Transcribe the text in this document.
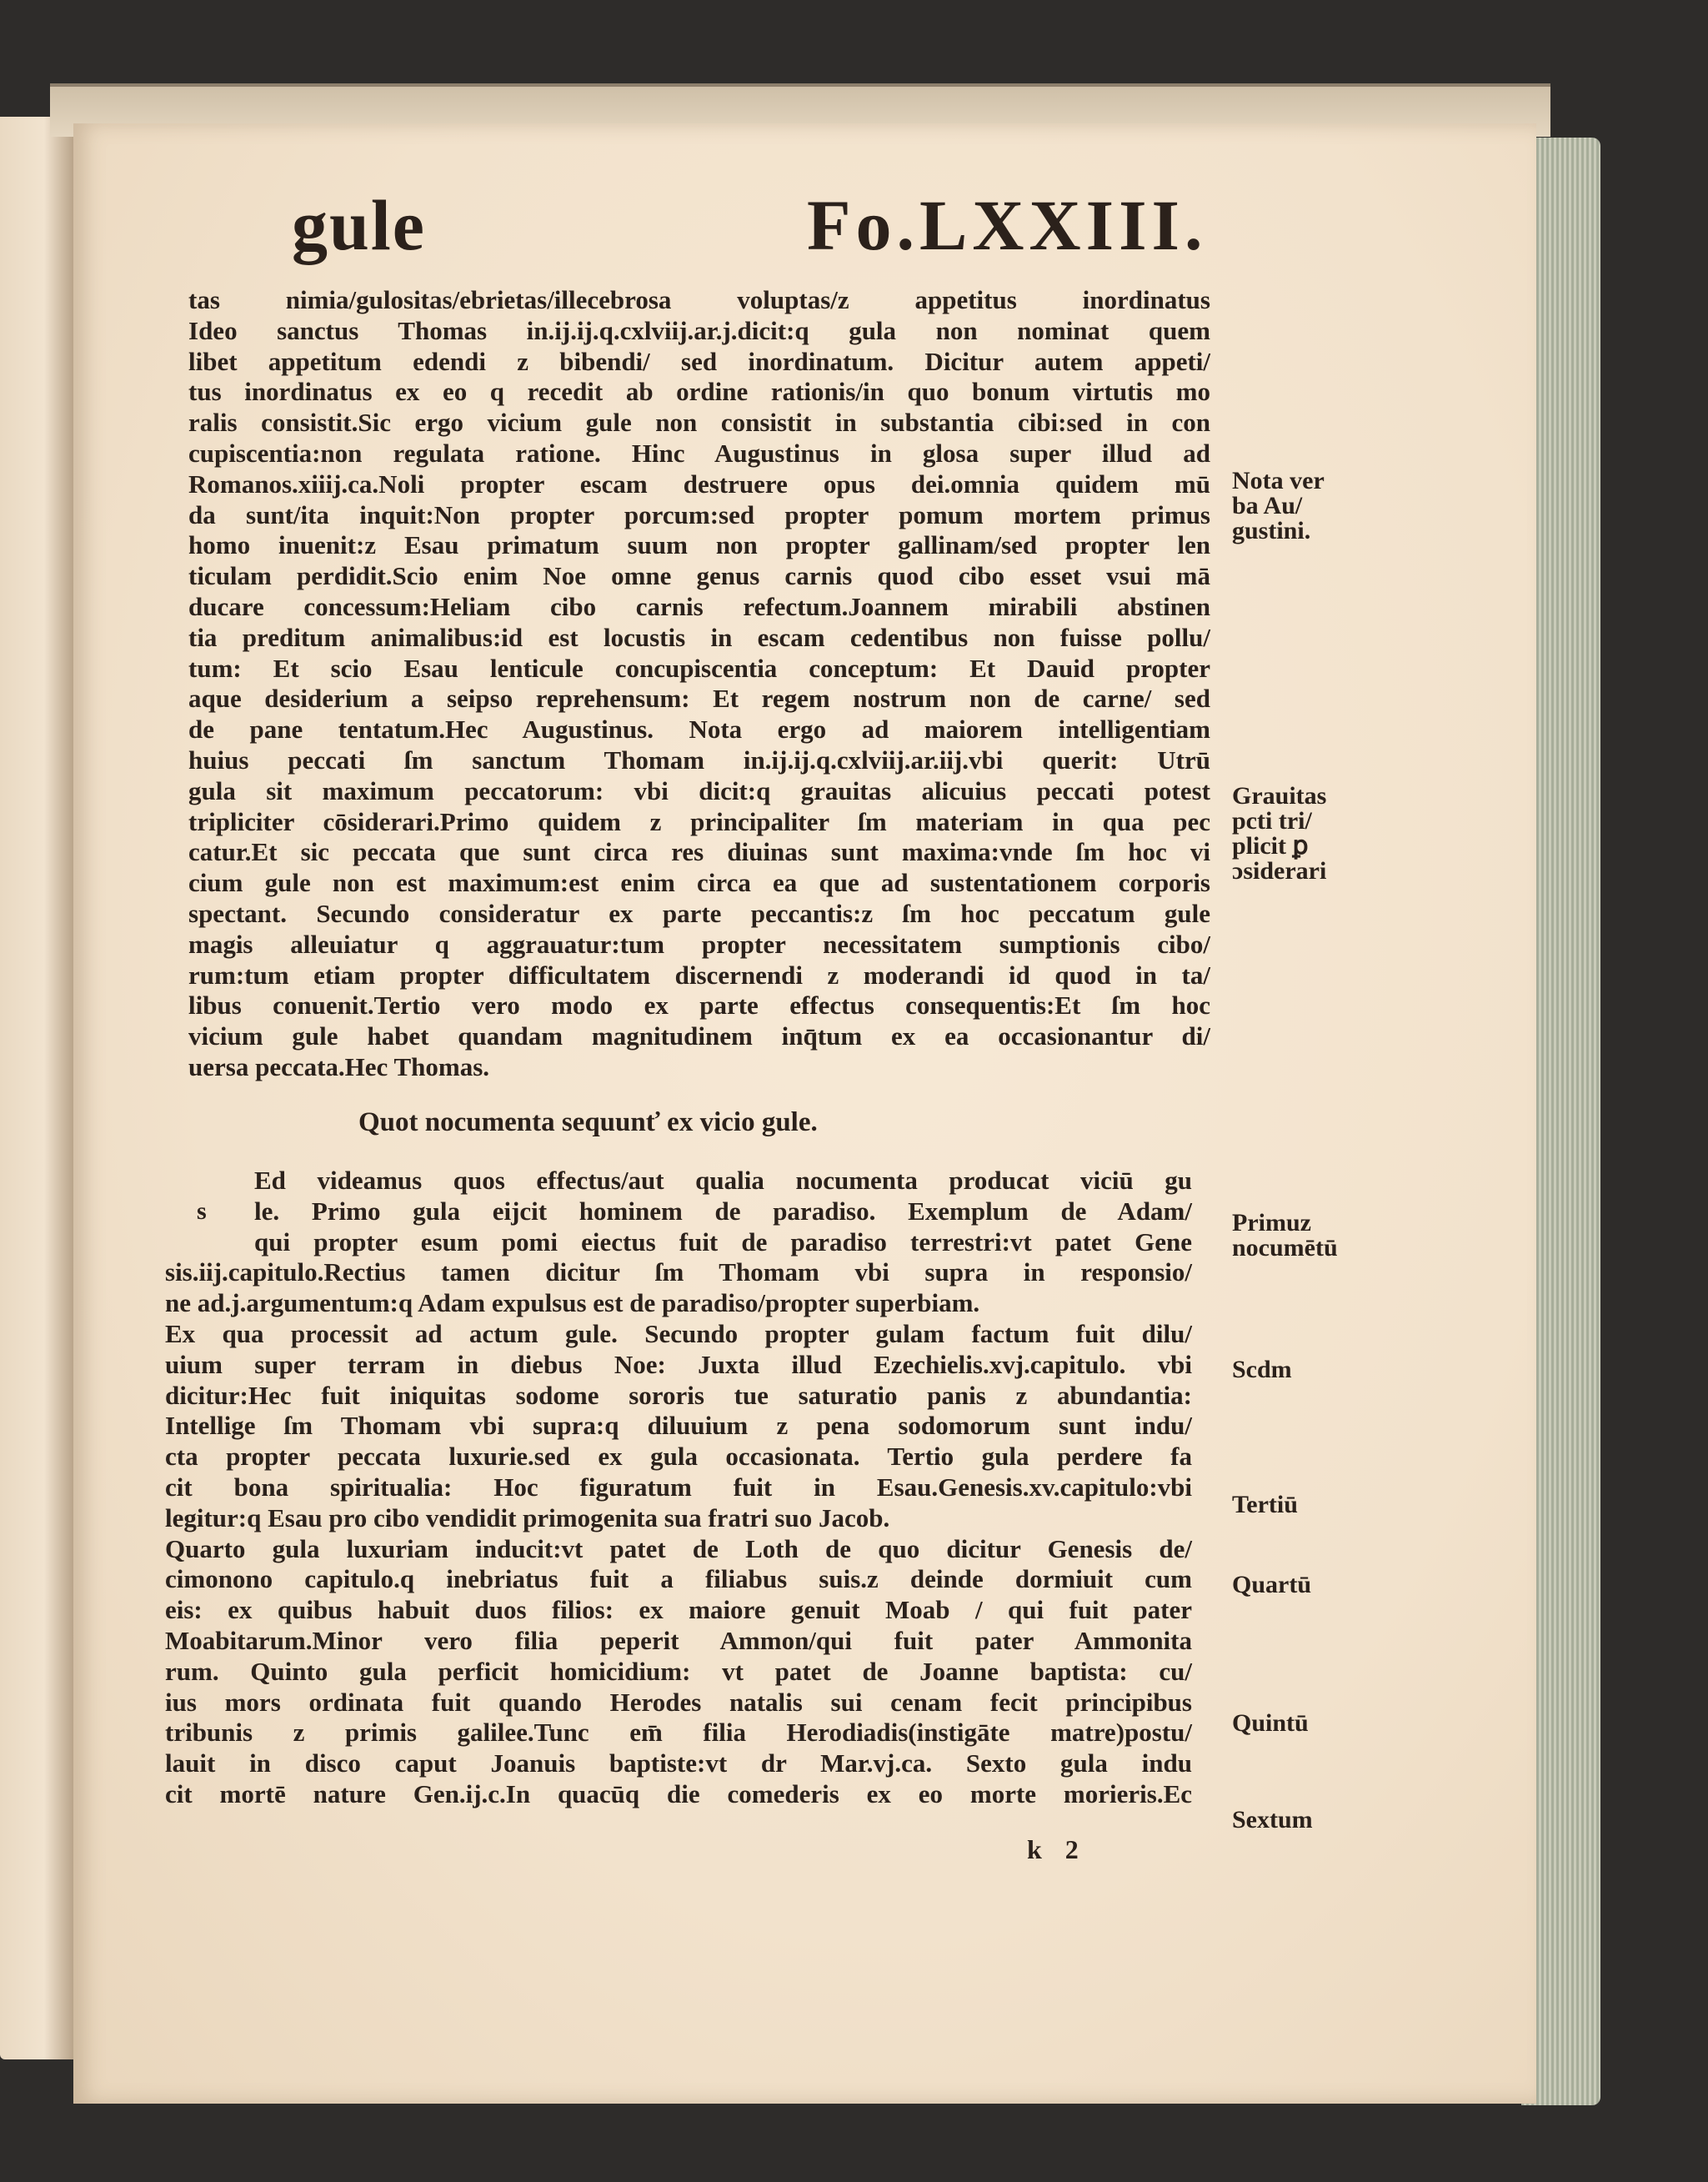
gule	Fo.LXXIII.
tas nimia/gulositas/ebrietas/illecebrosa voluptas/z appetitus inordinatus
Ideo sanctus Thomas in.ij.ij.q.cxlviij.ar.j.dicit:q gula non nominat quem
libet appetitum edendi z bibendi/ sed inordinatum. Dicitur autem appeti/
tus inordinatus ex eo q recedit ab ordine rationis/in quo bonum virtutis mo
ralis consistit.Sic ergo vicium gule non consistit in substantia cibi:sed in con
cupiscentia:non regulata ratione. Hinc Augustinus in glosa super illud ad
Romanos.xiiij.ca.Noli propter escam destruere opus dei.omnia quidem mū
da sunt/ita inquit:Non propter porcum:sed propter pomum mortem primus
homo inuenit:z Esau primatum suum non propter gallinam/sed propter len
ticulam perdidit.Scio enim Noe omne genus carnis quod cibo esset vsui mā
ducare concessum:Heliam cibo carnis refectum.Joannem mirabili abstinen
tia preditum animalibus:id est locustis in escam cedentibus non fuisse pollu/
tum: Et scio Esau lenticule concupiscentia conceptum: Et Dauid propter
aque desiderium a seipso reprehensum: Et regem nostrum non de carne/ sed
de pane tentatum.Hec Augustinus. Nota ergo ad maiorem intelligentiam
huius peccati ſm sanctum Thomam in.ij.ij.q.cxlviij.ar.iij.vbi querit: Utrū
gula sit maximum peccatorum: vbi dicit:q grauitas alicuius peccati potest
tripliciter cōsiderari.Primo quidem z principaliter ſm materiam in qua pec
catur.Et sic peccata que sunt circa res diuinas sunt maxima:vnde ſm hoc vi
cium gule non est maximum:est enim circa ea que ad sustentationem corporis
spectant. Secundo consideratur ex parte peccantis:z ſm hoc peccatum gule
magis alleuiatur q aggrauatur:tum propter necessitatem sumptionis cibo/
rum:tum etiam propter difficultatem discernendi z moderandi id quod in ta/
libus conuenit.Tertio vero modo ex parte effectus consequentis:Et ſm hoc
vicium gule habet quandam magnitudinem inq̄tum ex ea occasionantur di/
uersa peccata.Hec Thomas.
Quot nocumenta sequunť ex vicio gule.
s
Ed videamus quos effectus/aut qualia nocumenta producat viciū gu
le. Primo gula eijcit hominem de paradiso. Exemplum de Adam/
qui propter esum pomi eiectus fuit de paradiso terrestri:vt patet Gene
sis.iij.capitulo.Rectius tamen dicitur ſm Thomam vbi supra in responsio/
ne ad.j.argumentum:q Adam expulsus est de paradiso/propter superbiam.
Ex qua processit ad actum gule. Secundo propter gulam factum fuit dilu/
uium super terram in diebus Noe: Juxta illud Ezechielis.xvj.capitulo. vbi
dicitur:Hec fuit iniquitas sodome sororis tue saturatio panis z abundantia:
Intellige ſm Thomam vbi supra:q diluuium z pena sodomorum sunt indu/
cta propter peccata luxurie.sed ex gula occasionata. Tertio gula perdere fa
cit bona spiritualia: Hoc figuratum fuit in Esau.Genesis.xv.capitulo:vbi
legitur:q Esau pro cibo vendidit primogenita sua fratri suo Jacob.
Quarto gula luxuriam inducit:vt patet de Loth de quo dicitur Genesis de/
cimonono capitulo.q inebriatus fuit a filiabus suis.z deinde dormiuit cum
eis: ex quibus habuit duos filios: ex maiore genuit Moab / qui fuit pater
Moabitarum.Minor vero filia peperit Ammon/qui fuit pater Ammonita
rum. Quinto gula perficit homicidium: vt patet de Joanne baptista: cu/
ius mors ordinata fuit quando Herodes natalis sui cenam fecit principibus
tribunis z primis galilee.Tunc em̄ filia Herodiadis(instigāte matre)postu/
lauit in disco caput Joanuis baptiste:vt dr Mar.vj.ca. Sexto gula indu
cit mortē nature Gen.ij.c.In quacūq die comederis ex eo morte morieris.Ec
Nota ver
ba Au/
gustini.
Grauitas
pcti tri/
plicit ꝑ
ɔsiderari
Primuz
nocumētū
Scdm
Tertiū
Quartū
Quintū
Sextum
k 2
